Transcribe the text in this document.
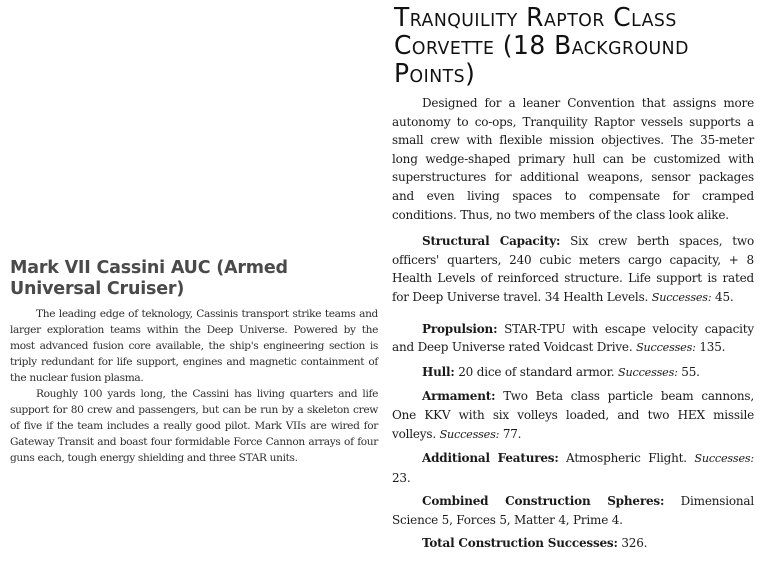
Mark VII Cassini AUC (Armed Universal Cruiser)

The leading edge of teknology, Cassinis transport strike teams and larger exploration teams within the Deep Universe. Powered by the most advanced fusion core available, the ship's engineering section is triply redundant for life support, engines and magnetic containment of the nuclear fusion plasma.

Roughly 100 yards long, the Cassini has living quarters and life support for 80 crew and passengers, but can be run by a skeleton crew of five if the team includes a really good pilot. Mark VIIs are wired for Gateway Transit and boast four formidable Force Cannon arrays of four guns each, tough energy shielding and three STAR units.

Tranquility Raptor Class Corvette (18 Background Points)

Designed for a leaner Convention that assigns more autonomy to co-ops, Tranquility Raptor vessels supports a small crew with flexible mission objectives. The 35-meter long wedge-shaped primary hull can be customized with superstructures for additional weapons, sensor packages and even living spaces to compensate for cramped conditions. Thus, no two members of the class look alike.

Structural Capacity: Six crew berth spaces, two officers' quarters, 240 cubic meters cargo capacity, + 8 Health Levels of reinforced structure. Life support is rated for Deep Universe travel. 34 Health Levels. Successes: 45.

Propulsion: STAR-TPU with escape velocity capacity and Deep Universe rated Voidcast Drive. Successes: 135.

Hull: 20 dice of standard armor. Successes: 55.

Armament: Two Beta class particle beam cannons, One KKV with six volleys loaded, and two HEX missile volleys. Successes: 77.

Additional Features: Atmospheric Flight. Successes: 23.

Combined Construction Spheres: Dimensional Science 5, Forces 5, Matter 4, Prime 4.

Total Construction Successes: 326.
